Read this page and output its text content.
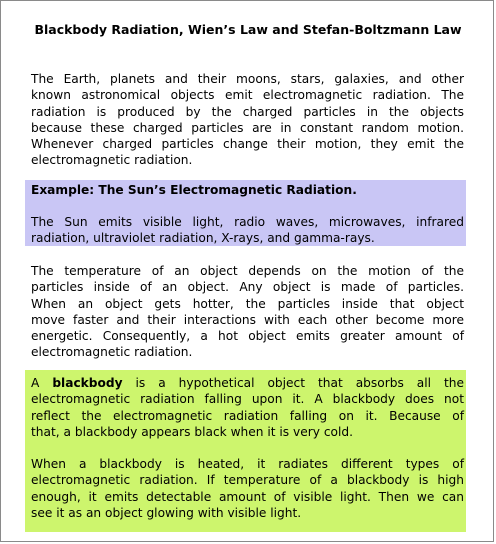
Blackbody Radiation, Wien’s Law and Stefan-Boltzmann Law
The Earth, planets and their moons, stars, galaxies, and other
known astronomical objects emit electromagnetic radiation. The
radiation is produced by the charged particles in the objects
because these charged particles are in constant random motion.
Whenever charged particles change their motion, they emit the
electromagnetic radiation.
Example: The Sun’s Electromagnetic Radiation.
The Sun emits visible light, radio waves, microwaves, infrared
radiation, ultraviolet radiation, X-rays, and gamma-rays.
The temperature of an object depends on the motion of the
particles inside of an object. Any object is made of particles.
When an object gets hotter, the particles inside that object
move faster and their interactions with each other become more
energetic. Consequently, a hot object emits greater amount of
electromagnetic radiation.
A blackbody is a hypothetical object that absorbs all the
electromagnetic radiation falling upon it. A blackbody does not
reflect the electromagnetic radiation falling on it. Because of
that, a blackbody appears black when it is very cold.
When a blackbody is heated, it radiates different types of
electromagnetic radiation. If temperature of a blackbody is high
enough, it emits detectable amount of visible light. Then we can
see it as an object glowing with visible light.
